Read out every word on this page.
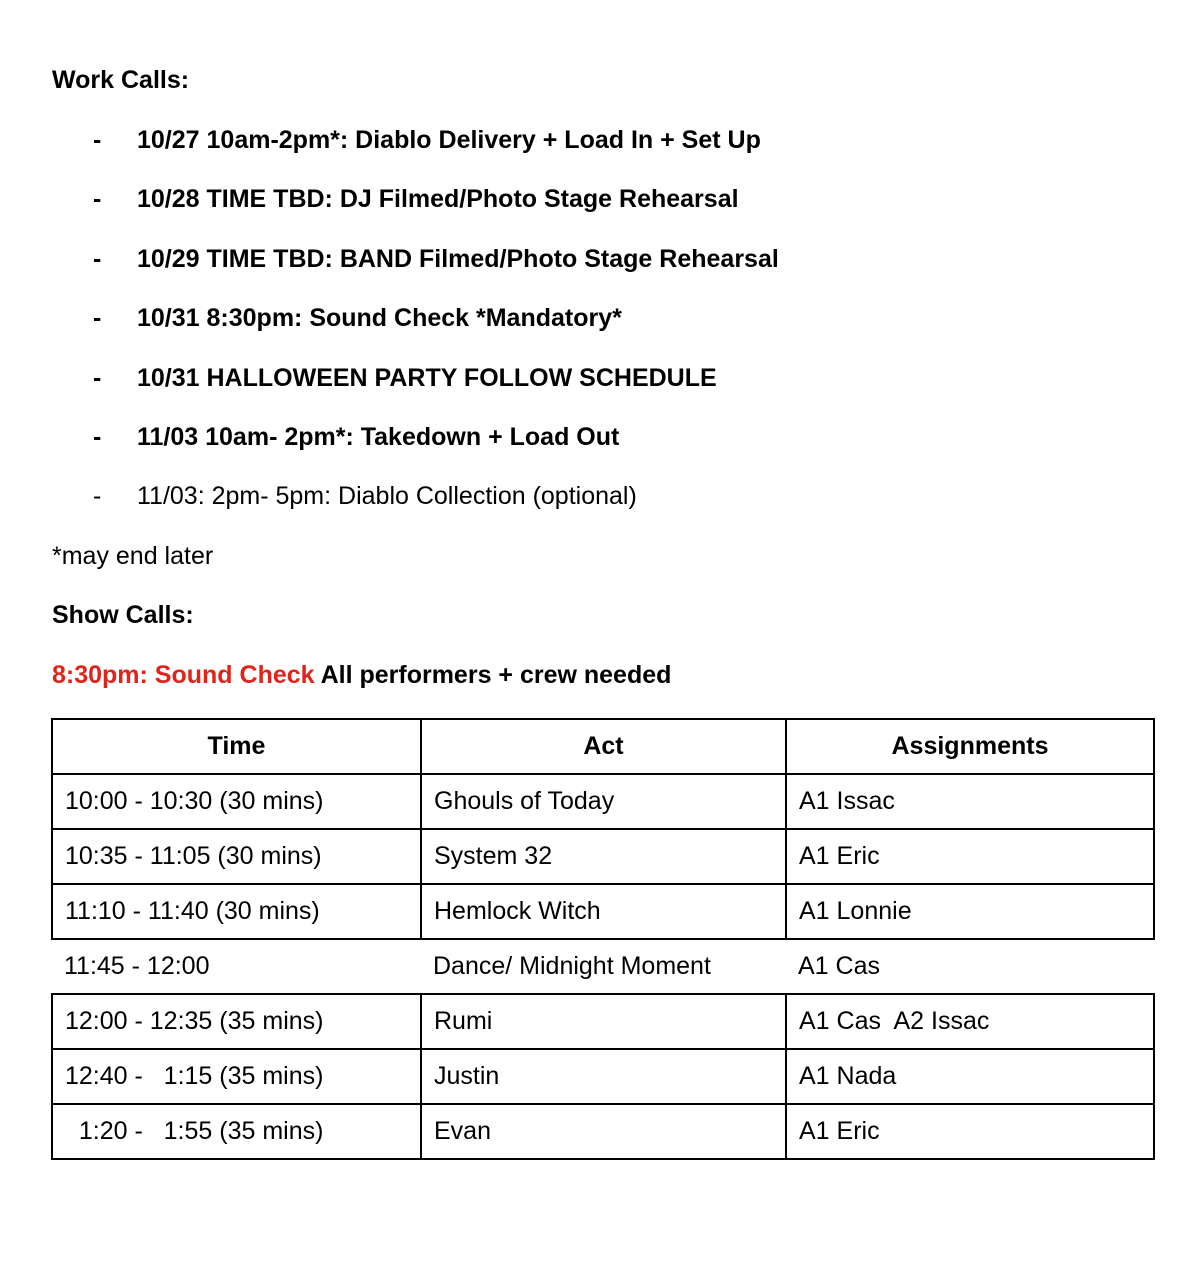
Work Calls:
- 10/27 10am-2pm*: Diablo Delivery + Load In + Set Up
- 10/28 TIME TBD: DJ Filmed/Photo Stage Rehearsal
- 10/29 TIME TBD: BAND Filmed/Photo Stage Rehearsal
- 10/31 8:30pm: Sound Check *Mandatory*
- 10/31 HALLOWEEN PARTY FOLLOW SCHEDULE
- 11/03 10am- 2pm*: Takedown + Load Out
- 11/03: 2pm- 5pm: Diablo Collection (optional)
*may end later
Show Calls:
8:30pm: Sound Check All performers + crew needed
Time	Act	Assignments
10:00 - 10:30 (30 mins)	Ghouls of Today	A1 Issac
10:35 - 11:05 (30 mins)	System 32	A1 Eric
11:10 - 11:40 (30 mins)	Hemlock Witch	A1 Lonnie
11:45 - 12:00	Dance/ Midnight Moment	A1 Cas
12:00 - 12:35 (35 mins)	Rumi	A1 Cas  A2 Issac
12:40 -   1:15 (35 mins)	Justin	A1 Nada
1:20 -   1:55 (35 mins)	Evan	A1 Eric
